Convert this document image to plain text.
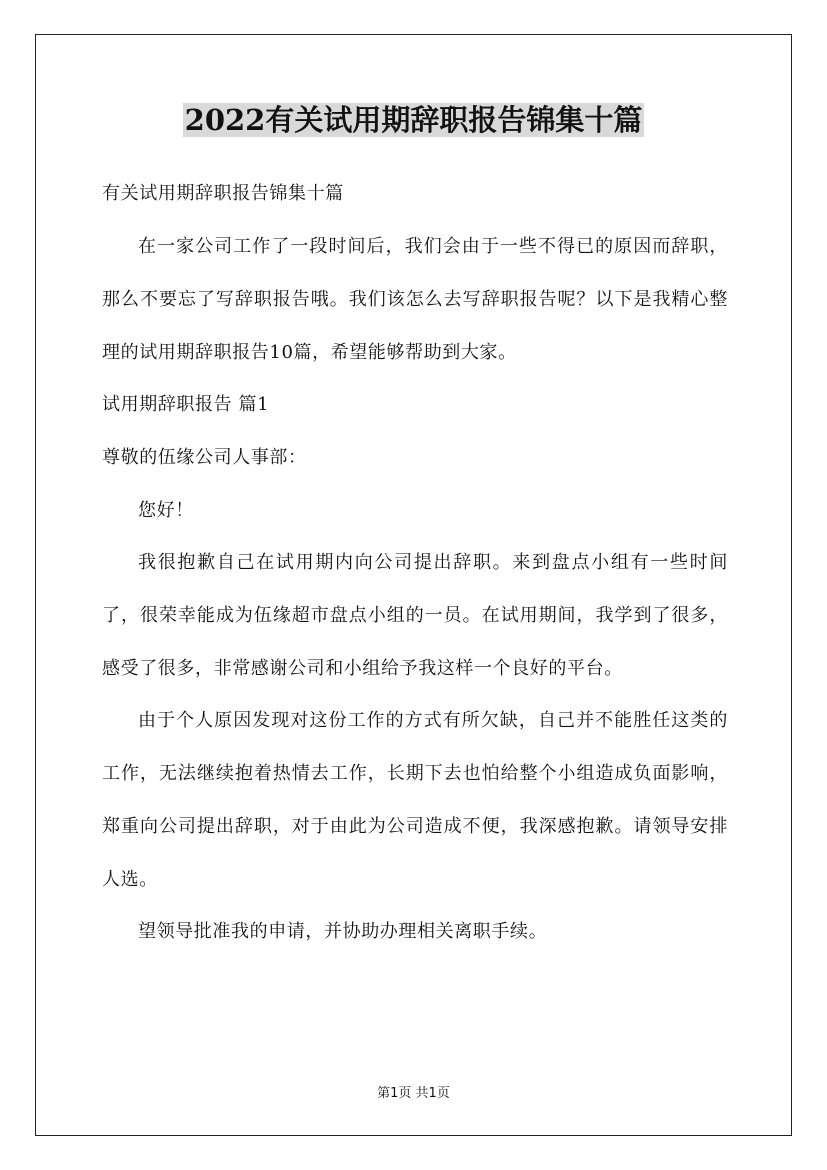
2022有关试用期辞职报告锦集十篇

有关试用期辞职报告锦集十篇

在一家公司工作了一段时间后，我们会由于一些不得已的原因而辞职，那么不要忘了写辞职报告哦。我们该怎么去写辞职报告呢？以下是我精心整理的试用期辞职报告10篇，希望能够帮助到大家。

试用期辞职报告 篇1

尊敬的伍缘公司人事部：

您好！

我很抱歉自己在试用期内向公司提出辞职。来到盘点小组有一些时间了，很荣幸能成为伍缘超市盘点小组的一员。在试用期间，我学到了很多，感受了很多，非常感谢公司和小组给予我这样一个良好的平台。

由于个人原因发现对这份工作的方式有所欠缺，自己并不能胜任这类的工作，无法继续抱着热情去工作，长期下去也怕给整个小组造成负面影响，郑重向公司提出辞职，对于由此为公司造成不便，我深感抱歉。请领导安排人选。

望领导批准我的申请，并协助办理相关离职手续。

第1页 共1页
